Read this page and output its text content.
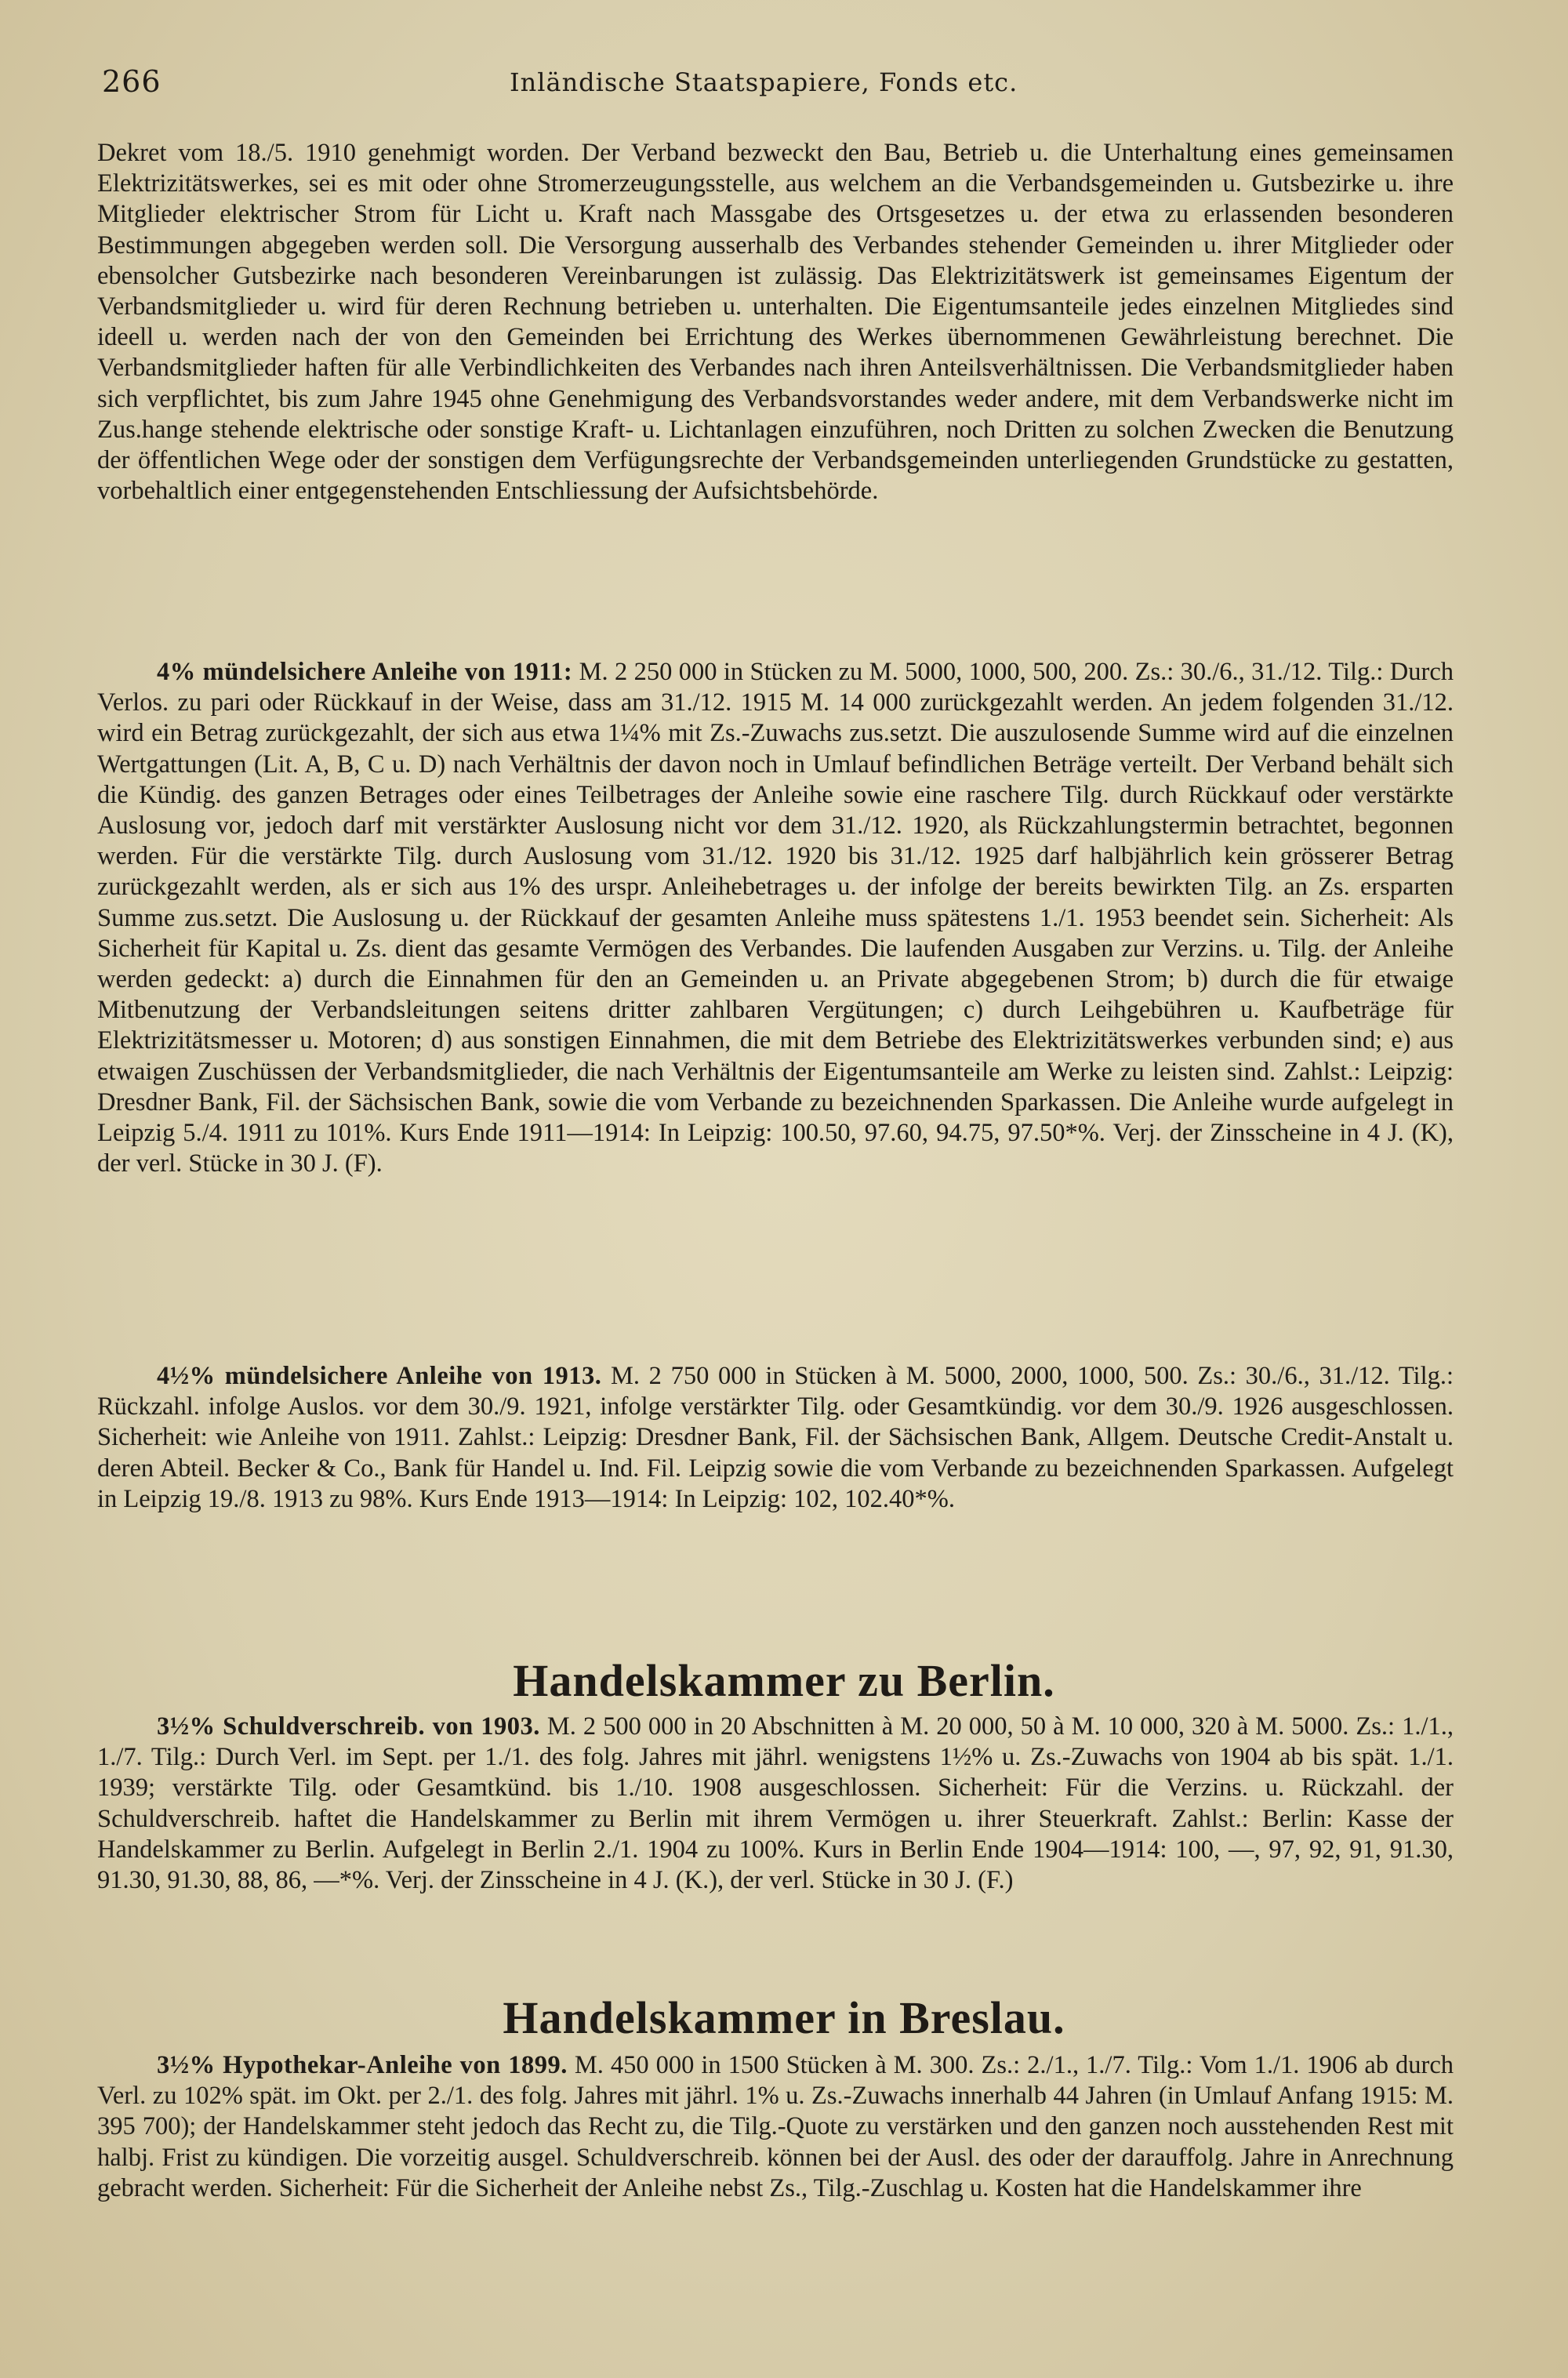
266	Inländische Staatspapiere, Fonds etc.

Dekret vom 18./5. 1910 genehmigt worden. Der Verband bezweckt den Bau, Betrieb u. die Unterhaltung eines gemeinsamen Elektrizitätswerkes, sei es mit oder ohne Stromerzeugungsstelle, aus welchem an die Verbandsgemeinden u. Gutsbezirke u. ihre Mitglieder elektrischer Strom für Licht u. Kraft nach Massgabe des Ortsgesetzes u. der etwa zu erlassenden besonderen Bestimmungen abgegeben werden soll. Die Versorgung ausserhalb des Verbandes stehender Gemeinden u. ihrer Mitglieder oder ebensolcher Gutsbezirke nach besonderen Vereinbarungen ist zulässig. Das Elektrizitätswerk ist gemeinsames Eigentum der Verbandsmitglieder u. wird für deren Rechnung betrieben u. unterhalten. Die Eigentumsanteile jedes einzelnen Mitgliedes sind ideell u. werden nach der von den Gemeinden bei Errichtung des Werkes übernommenen Gewährleistung berechnet. Die Verbandsmitglieder haften für alle Verbindlichkeiten des Verbandes nach ihren Anteilsverhältnissen. Die Verbandsmitglieder haben sich verpflichtet, bis zum Jahre 1945 ohne Genehmigung des Verbandsvorstandes weder andere, mit dem Verbandswerke nicht im Zus.hange stehende elektrische oder sonstige Kraft- u. Lichtanlagen einzuführen, noch Dritten zu solchen Zwecken die Benutzung der öffentlichen Wege oder der sonstigen dem Verfügungsrechte der Verbandsgemeinden unterliegenden Grundstücke zu gestatten, vorbehaltlich einer entgegenstehenden Entschliessung der Aufsichtsbehörde.

4% mündelsichere Anleihe von 1911: M. 2 250 000 in Stücken zu M. 5000, 1000, 500, 200. Zs.: 30./6., 31./12. Tilg.: Durch Verlos. zu pari oder Rückkauf in der Weise, dass am 31./12. 1915 M. 14 000 zurückgezahlt werden. An jedem folgenden 31./12. wird ein Betrag zurückgezahlt, der sich aus etwa 1¼% mit Zs.-Zuwachs zus.setzt. Die auszulosende Summe wird auf die einzelnen Wertgattungen (Lit. A, B, C u. D) nach Verhältnis der davon noch in Umlauf befindlichen Beträge verteilt. Der Verband behält sich die Kündig. des ganzen Betrages oder eines Teilbetrages der Anleihe sowie eine raschere Tilg. durch Rückkauf oder verstärkte Auslosung vor, jedoch darf mit verstärkter Auslosung nicht vor dem 31./12. 1920, als Rückzahlungstermin betrachtet, begonnen werden. Für die verstärkte Tilg. durch Auslosung vom 31./12. 1920 bis 31./12. 1925 darf halbjährlich kein grösserer Betrag zurückgezahlt werden, als er sich aus 1% des urspr. Anleihebetrages u. der infolge der bereits bewirkten Tilg. an Zs. ersparten Summe zus.setzt. Die Auslosung u. der Rückkauf der gesamten Anleihe muss spätestens 1./1. 1953 beendet sein. Sicherheit: Als Sicherheit für Kapital u. Zs. dient das gesamte Vermögen des Verbandes. Die laufenden Ausgaben zur Verzins. u. Tilg. der Anleihe werden gedeckt: a) durch die Einnahmen für den an Gemeinden u. an Private abgegebenen Strom; b) durch die für etwaige Mitbenutzung der Verbandsleitungen seitens dritter zahlbaren Vergütungen; c) durch Leihgebühren u. Kaufbeträge für Elektrizitätsmesser u. Motoren; d) aus sonstigen Einnahmen, die mit dem Betriebe des Elektrizitätswerkes verbunden sind; e) aus etwaigen Zuschüssen der Verbandsmitglieder, die nach Verhältnis der Eigentumsanteile am Werke zu leisten sind. Zahlst.: Leipzig: Dresdner Bank, Fil. der Sächsischen Bank, sowie die vom Verbande zu bezeichnenden Sparkassen. Die Anleihe wurde aufgelegt in Leipzig 5./4. 1911 zu 101%. Kurs Ende 1911—1914: In Leipzig: 100.50, 97.60, 94.75, 97.50*%. Verj. der Zinsscheine in 4 J. (K), der verl. Stücke in 30 J. (F).

4½% mündelsichere Anleihe von 1913. M. 2 750 000 in Stücken à M. 5000, 2000, 1000, 500. Zs.: 30./6., 31./12. Tilg.: Rückzahl. infolge Auslos. vor dem 30./9. 1921, infolge verstärkter Tilg. oder Gesamtkündig. vor dem 30./9. 1926 ausgeschlossen. Sicherheit: wie Anleihe von 1911. Zahlst.: Leipzig: Dresdner Bank, Fil. der Sächsischen Bank, Allgem. Deutsche Credit-Anstalt u. deren Abteil. Becker & Co., Bank für Handel u. Ind. Fil. Leipzig sowie die vom Verbande zu bezeichnenden Sparkassen. Aufgelegt in Leipzig 19./8. 1913 zu 98%. Kurs Ende 1913—1914: In Leipzig: 102, 102.40*%.

Handelskammer zu Berlin.

3½% Schuldverschreib. von 1903. M. 2 500 000 in 20 Abschnitten à M. 20 000, 50 à M. 10 000, 320 à M. 5000. Zs.: 1./1., 1./7. Tilg.: Durch Verl. im Sept. per 1./1. des folg. Jahres mit jährl. wenigstens 1½% u. Zs.-Zuwachs von 1904 ab bis spät. 1./1. 1939; verstärkte Tilg. oder Gesamtkünd. bis 1./10. 1908 ausgeschlossen. Sicherheit: Für die Verzins. u. Rückzahl. der Schuldverschreib. haftet die Handelskammer zu Berlin mit ihrem Vermögen u. ihrer Steuerkraft. Zahlst.: Berlin: Kasse der Handelskammer zu Berlin. Aufgelegt in Berlin 2./1. 1904 zu 100%. Kurs in Berlin Ende 1904—1914: 100, —, 97, 92, 91, 91.30, 91.30, 91.30, 88, 86, —*%. Verj. der Zinsscheine in 4 J. (K.), der verl. Stücke in 30 J. (F.)

Handelskammer in Breslau.

3½% Hypothekar-Anleihe von 1899. M. 450 000 in 1500 Stücken à M. 300. Zs.: 2./1., 1./7. Tilg.: Vom 1./1. 1906 ab durch Verl. zu 102% spät. im Okt. per 2./1. des folg. Jahres mit jährl. 1% u. Zs.-Zuwachs innerhalb 44 Jahren (in Umlauf Anfang 1915: M. 395 700); der Handelskammer steht jedoch das Recht zu, die Tilg.-Quote zu verstärken und den ganzen noch ausstehenden Rest mit halbj. Frist zu kündigen. Die vorzeitig ausgel. Schuldverschreib. können bei der Ausl. des oder der darauffolg. Jahre in Anrechnung gebracht werden. Sicherheit: Für die Sicherheit der Anleihe nebst Zs., Tilg.-Zuschlag u. Kosten hat die Handelskammer ihre
